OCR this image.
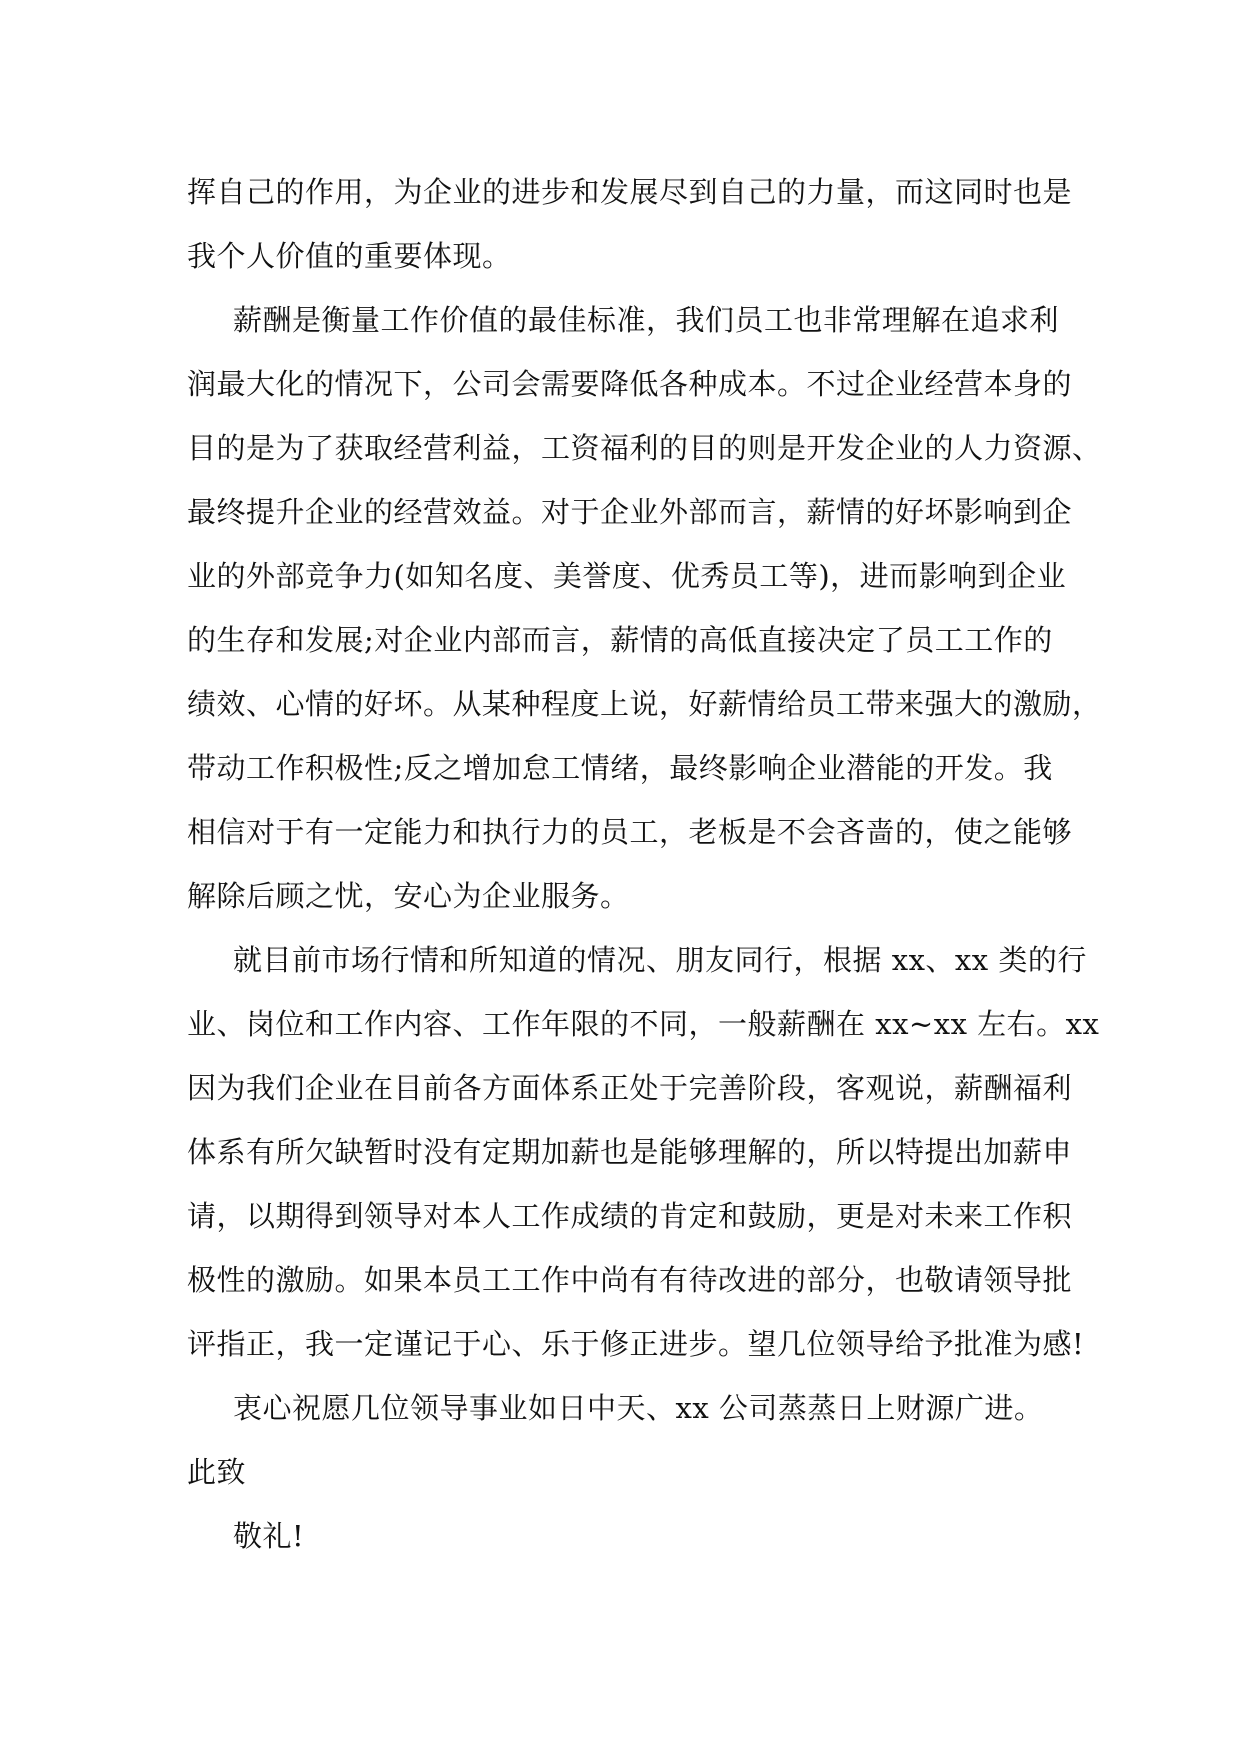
挥自己的作用，为企业的进步和发展尽到自己的力量，而这同时也是
我个人价值的重要体现。
薪酬是衡量工作价值的最佳标准，我们员工也非常理解在追求利
润最大化的情况下，公司会需要降低各种成本。不过企业经营本身的
目的是为了获取经营利益，工资福利的目的则是开发企业的人力资源、
最终提升企业的经营效益。对于企业外部而言，薪情的好坏影响到企
业的外部竞争力(如知名度、美誉度、优秀员工等)，进而影响到企业
的生存和发展;对企业内部而言，薪情的高低直接决定了员工工作的
绩效、心情的好坏。从某种程度上说，好薪情给员工带来强大的激励，
带动工作积极性;反之增加怠工情绪，最终影响企业潜能的开发。我
相信对于有一定能力和执行力的员工，老板是不会吝啬的，使之能够
解除后顾之忧，安心为企业服务。
就目前市场行情和所知道的情况、朋友同行，根据 xx、xx 类的行
业、岗位和工作内容、工作年限的不同，一般薪酬在 xx~xx 左右。xx
因为我们企业在目前各方面体系正处于完善阶段，客观说，薪酬福利
体系有所欠缺暂时没有定期加薪也是能够理解的，所以特提出加薪申
请，以期得到领导对本人工作成绩的肯定和鼓励，更是对未来工作积
极性的激励。如果本员工工作中尚有有待改进的部分，也敬请领导批
评指正，我一定谨记于心、乐于修正进步。望几位领导给予批准为感!
衷心祝愿几位领导事业如日中天、xx 公司蒸蒸日上财源广进。
此致
敬礼!
